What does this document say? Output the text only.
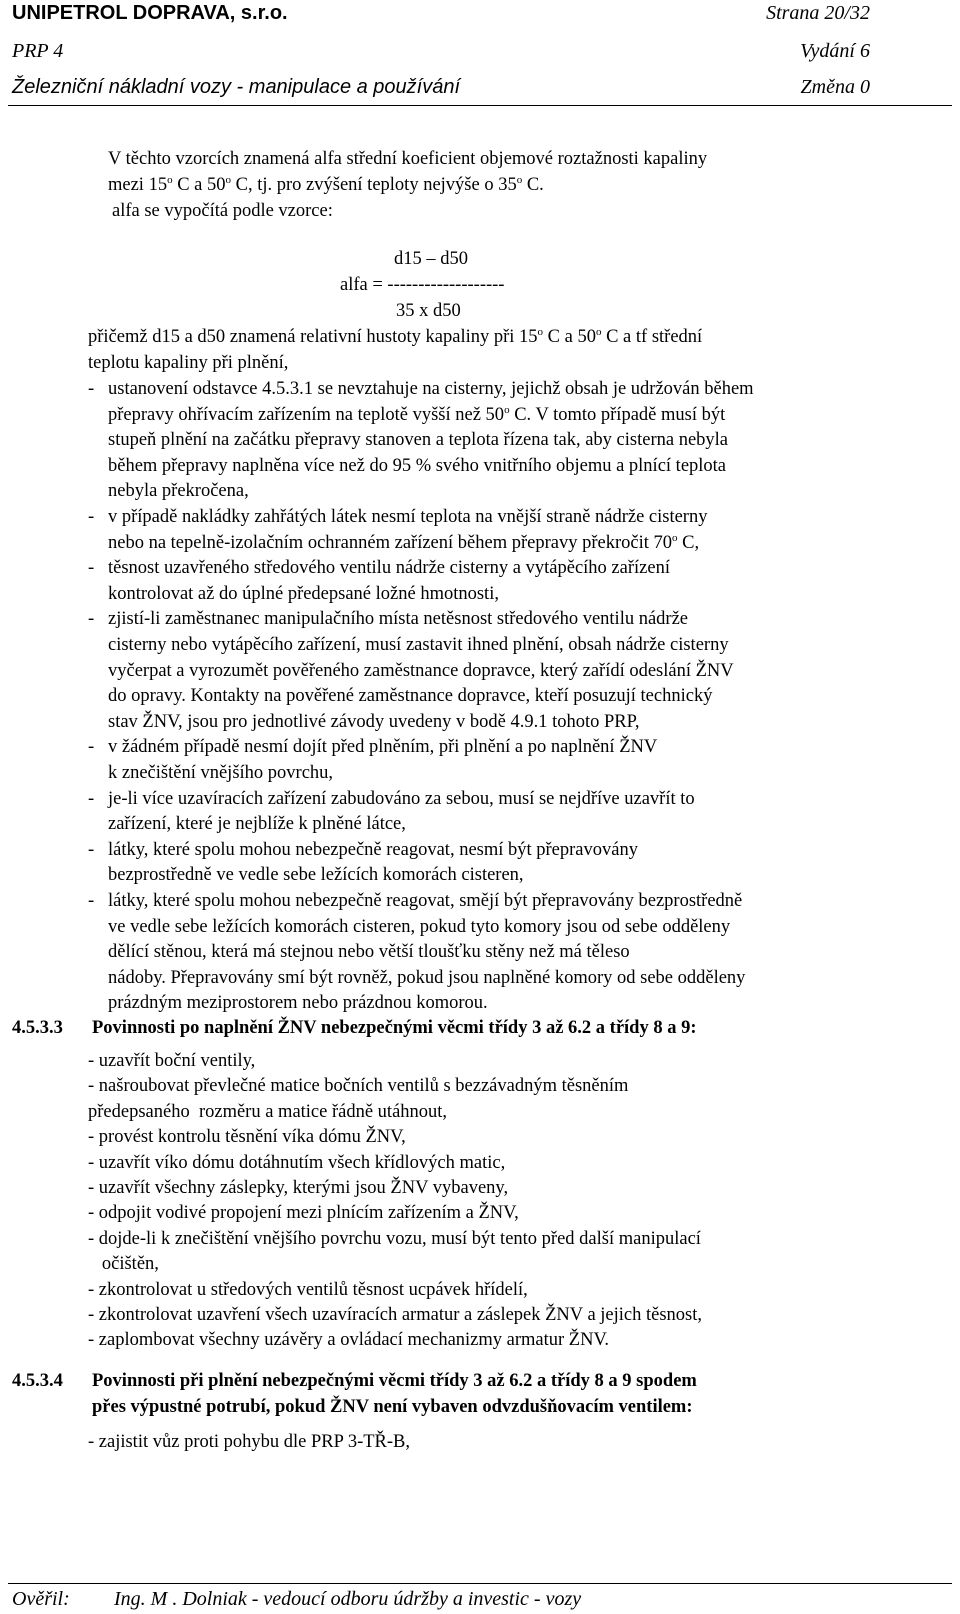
UNIPETROL DOPRAVA, s.r.o.	Strana 20/32
PRP 4	Vydání 6
Železniční nákladní vozy - manipulace a používání	Změna 0
V těchto vzorcích znamená alfa střední koeficient objemové roztažnosti kapaliny
mezi 15$^o$ C a 50$^o$ C, tj. pro zvýšení teploty nejvýše o 35$^o$ C.
alfa se vypočítá podle vzorce:
d15 – d50
alfa = -------------------
35 x d50
přičemž d15 a d50 znamená relativní hustoty kapaliny při 15$^o$ C a 50$^o$ C a tf střední
teplotu kapaliny při plnění,
- ustanovení odstavce 4.5.3.1 se nevztahuje na cisterny, jejichž obsah je udržován během
přepravy ohřívacím zařízením na teplotě vyšší než 50$^o$ C. V tomto případě musí být
stupeň plnění na začátku přepravy stanoven a teplota řízena tak, aby cisterna nebyla
během přepravy naplněna více než do 95 % svého vnitřního objemu a plnící teplota
nebyla překročena,
- v případě nakládky zahřátých látek nesmí teplota na vnější straně nádrže cisterny
nebo na tepelně-izolačním ochranném zařízení během přepravy překročit 70$^o$ C,
- těsnost uzavřeného středového ventilu nádrže cisterny a vytápěcího zařízení
kontrolovat až do úplné předepsané ložné hmotnosti,
- zjistí-li zaměstnanec manipulačního místa netěsnost středového ventilu nádrže
cisterny nebo vytápěcího zařízení, musí zastavit ihned plnění, obsah nádrže cisterny
vyčerpat a vyrozumět pověřeného zaměstnance dopravce, který zařídí odeslání ŽNV
do opravy. Kontakty na pověřené zaměstnance dopravce, kteří posuzují technický
stav ŽNV, jsou pro jednotlivé závody uvedeny v bodě 4.9.1 tohoto PRP,
- v žádném případě nesmí dojít před plněním, při plnění a po naplnění ŽNV
k znečištění vnějšího povrchu,
- je-li více uzavíracích zařízení zabudováno za sebou, musí se nejdříve uzavřít to
zařízení, které je nejblíže k plněné látce,
- látky, které spolu mohou nebezpečně reagovat, nesmí být přepravovány
bezprostředně ve vedle sebe ležících komorách cisteren,
- látky, které spolu mohou nebezpečně reagovat, smějí být přepravovány bezprostředně
ve vedle sebe ležících komorách cisteren, pokud tyto komory jsou od sebe odděleny
dělící stěnou, která má stejnou nebo větší tloušťku stěny než má těleso
nádoby. Přepravovány smí být rovněž, pokud jsou naplněné komory od sebe odděleny
prázdným meziprostorem nebo prázdnou komorou.
4.5.3.3 Povinnosti po naplnění ŽNV nebezpečnými věcmi třídy 3 až 6.2 a třídy 8 a 9:
- uzavřít boční ventily,
- našroubovat převlečné matice bočních ventilů s bezzávadným těsněním
předepsaného  rozměru a matice řádně utáhnout,
- provést kontrolu těsnění víka dómu ŽNV,
- uzavřít víko dómu dotáhnutím všech křídlových matic,
- uzavřít všechny záslepky, kterými jsou ŽNV vybaveny,
- odpojit vodivé propojení mezi plnícím zařízením a ŽNV,
- dojde-li k znečištění vnějšího povrchu vozu, musí být tento před další manipulací
očištěn,
- zkontrolovat u středových ventilů těsnost ucpávek hřídelí,
- zkontrolovat uzavření všech uzavíracích armatur a záslepek ŽNV a jejich těsnost,
- zaplombovat všechny uzávěry a ovládací mechanizmy armatur ŽNV.
4.5.3.4 Povinnosti při plnění nebezpečnými věcmi třídy 3 až 6.2 a třídy 8 a 9 spodem
přes výpustné potrubí, pokud ŽNV není vybaven odvzdušňovacím ventilem:
- zajistit vůz proti pohybu dle PRP 3-TŘ-B,
Ověřil: Ing. M . Dolniak - vedoucí odboru údržby a investic - vozy
